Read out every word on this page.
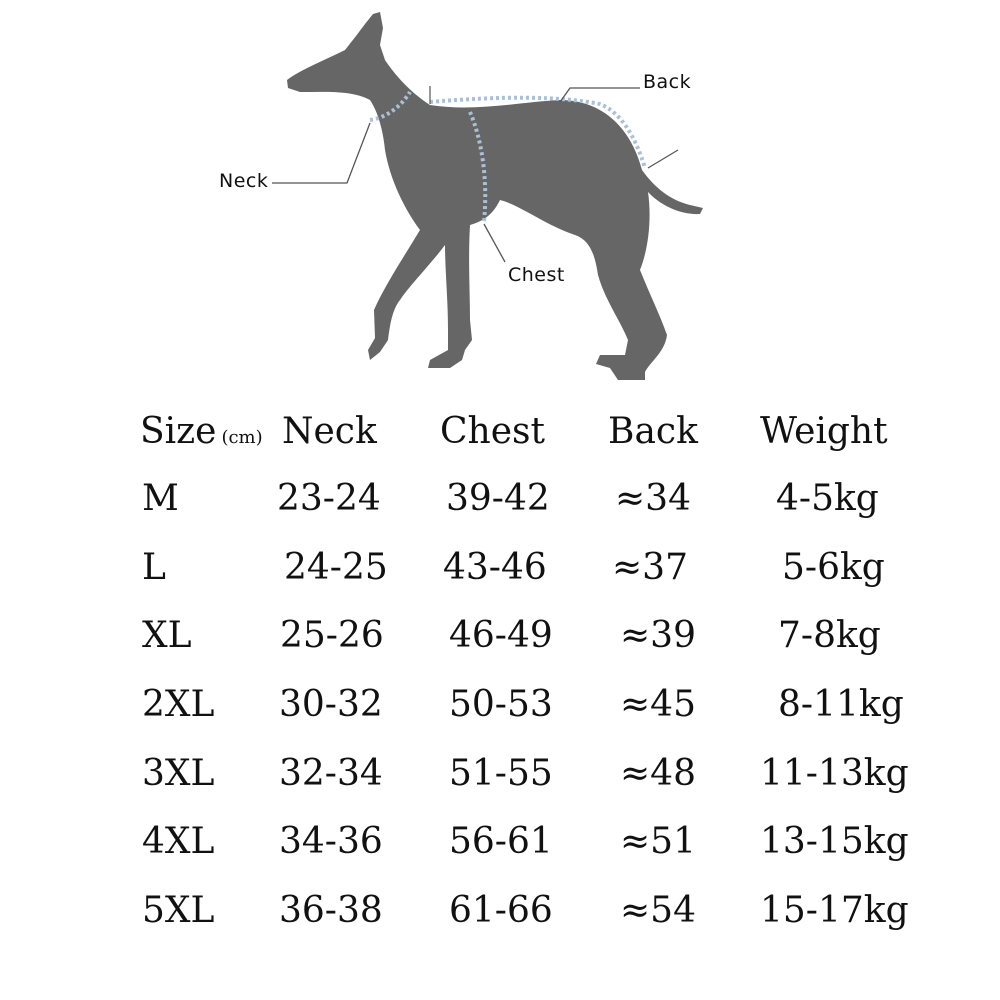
Neck
Chest
Back
Size (cm) Neck Chest Back Weight
M	23-24 39-42 ≈34 4-5kg
L	24-25 43-46 ≈37	5-6kg
XL 25-26 46-49 ≈39 7-8kg
2XL 30-32 50-53 ≈45 8-11kg
3XL 32-34 51-55 ≈48 11-13kg
4XL 34-36 56-61 ≈51 13-15kg
5XL 36-38 61-66 ≈54 15-17kg
